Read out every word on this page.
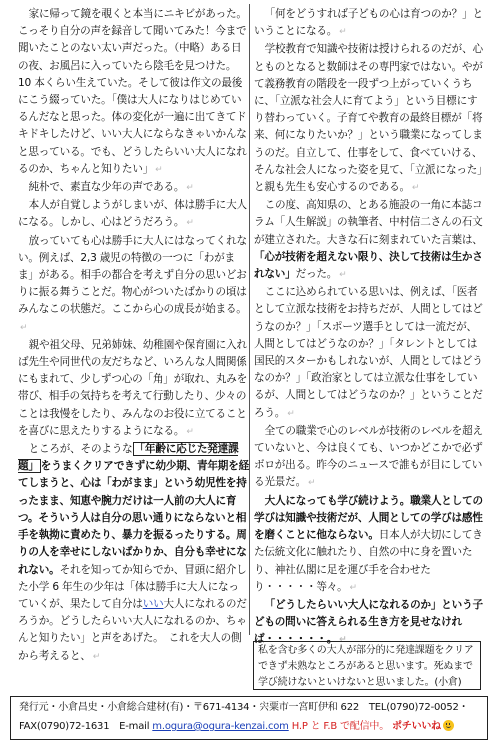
家に帰って鏡を覗くと本当にニキビがあった。こっそり自分の声を録音して聞いてみた！今まで聞いたことのない太い声だった。（中略）ある日の夜、お風呂に入っていたら陰毛を見つけた。10 本くらい生えていた。そして彼は作文の最後にこう綴っていた。「僕は大人になりはじめているんだなと思った。体の変化が一遍に出てきてドキドキしたけど、いい大人にならなきゃいかんなと思っている。でも、どうしたらいい大人になれるのか、ちゃんと知りたい」 ↵
純朴で、素直な少年の声である。 ↵
本人が自覚しようがしまいが、体は勝手に大人になる。しかし、心はどうだろう。 ↵
放っていても心は勝手に大人にはなってくれない。例えば、2,3 歳児の特徴の一つに「わがまま」がある。相手の都合を考えず自分の思いどおりに振る舞うことだ。物心がついたばかりの頃はみんなこの状態だ。ここから心の成長が始まる。↵
親や祖父母、兄弟姉妹、幼稚園や保育園に入れば先生や同世代の友だちなど、いろんな人間関係にもまれて、少しずつ心の「角」が取れ、丸みを帯び、相手の気持ちを考えて行動したり、少々のことは我慢をしたり、みんなのお役に立てることを喜びに思えたりするようになる。 ↵
ところが、そのような 「年齢に応じた発達課題」 をうまくクリアできずに幼少期、青年期を経てしまうと、心は「わがまま」という幼児性を持ったまま、知恵や腕力だけは一人前の大人に育つ。そういう人は自分の思い通りにならないと相手を執拗に責めたり、暴力を振るったりする。周りの人を幸せにしないばかりか、自分も幸せになれない。それを知ってか知らでか、冒頭に紹介した小学 6 年生の少年は「体は勝手に大人になっていくが、果たして自分はいい大人になれるのだろうか。どうしたらいい大人になれるのか、ちゃんと知りたい」と声をあげた。　これを大人の側から考えると、 ↵
「何をどうすれば子どもの心は育つのか？」ということになる。 ↵
学校教育で知識や技術は授けられるのだが、心とものとなると数師はその専門家ではない。やがて義務教育の階段を一段ずつ上がっていくうちに、「立派な社会人に育てよう」という目標にすり替わっていく。子育てや教育の最終目標が「将来、何になりたいか？」という職業になってしまうのだ。自立して、仕事をして、食べていける、そんな社会人になった姿を見て、「立派になった」と親も先生も安心するのである。 ↵
この度、高知県の、とある施設の一角に本誌コラム「人生解説」の執筆者、中村信二さんの石文が建立された。大きな石に刻まれていた言葉は、「心が技術を超えない限り、決して技術は生かされない」だった。 ↵
ここに込められている思いは、例えば、「医者として立派な技術をお持ちだが、人間としてはどうなのか？」「スポーツ選手としては一流だが、人間としてはどうなのか？」「タレントとしては国民的スターかもしれないが、人間としてはどうなのか？」「政治家としては立派な仕事をしているが、人間としてはどうなのか？」ということだろう。 ↵
全ての職業で心のレベルが技術のレベルを超えていないと、今は良くても、いつかどこかで必ずボロが出る。昨今のニュースで誰もが目にしている光景だ。 ↵
大人になっても学び続けよう。職業人としての学びは知識や技術だが、人間としての学びは感性を磨くことに他ならない。日本人が大切にしてきた伝統文化に触れたり、自然の中に身を置いたり、神社仏閣に足を運び手を合わせたり・・・・・等々。 ↵
「どうしたらいい大人になれるのか」という子どもの問いに答えられる生き方を見せなければ・・・・・・。 ↵
私を含む多くの大人が部分的に発達課題をクリアできず未熟なところがあると思います。死ぬまで学び続けないといけないと思いました。(小倉)
発行元・小倉昌史・小倉総合建材(有)・〒671-4134・宍粟市一宮町伊和 622　TEL(0790)72-0052・
FAX(0790)72-1631　E-mail m.ogura@ogura-kenzai.com H.P と F.B で配信中。 ポチいいね
